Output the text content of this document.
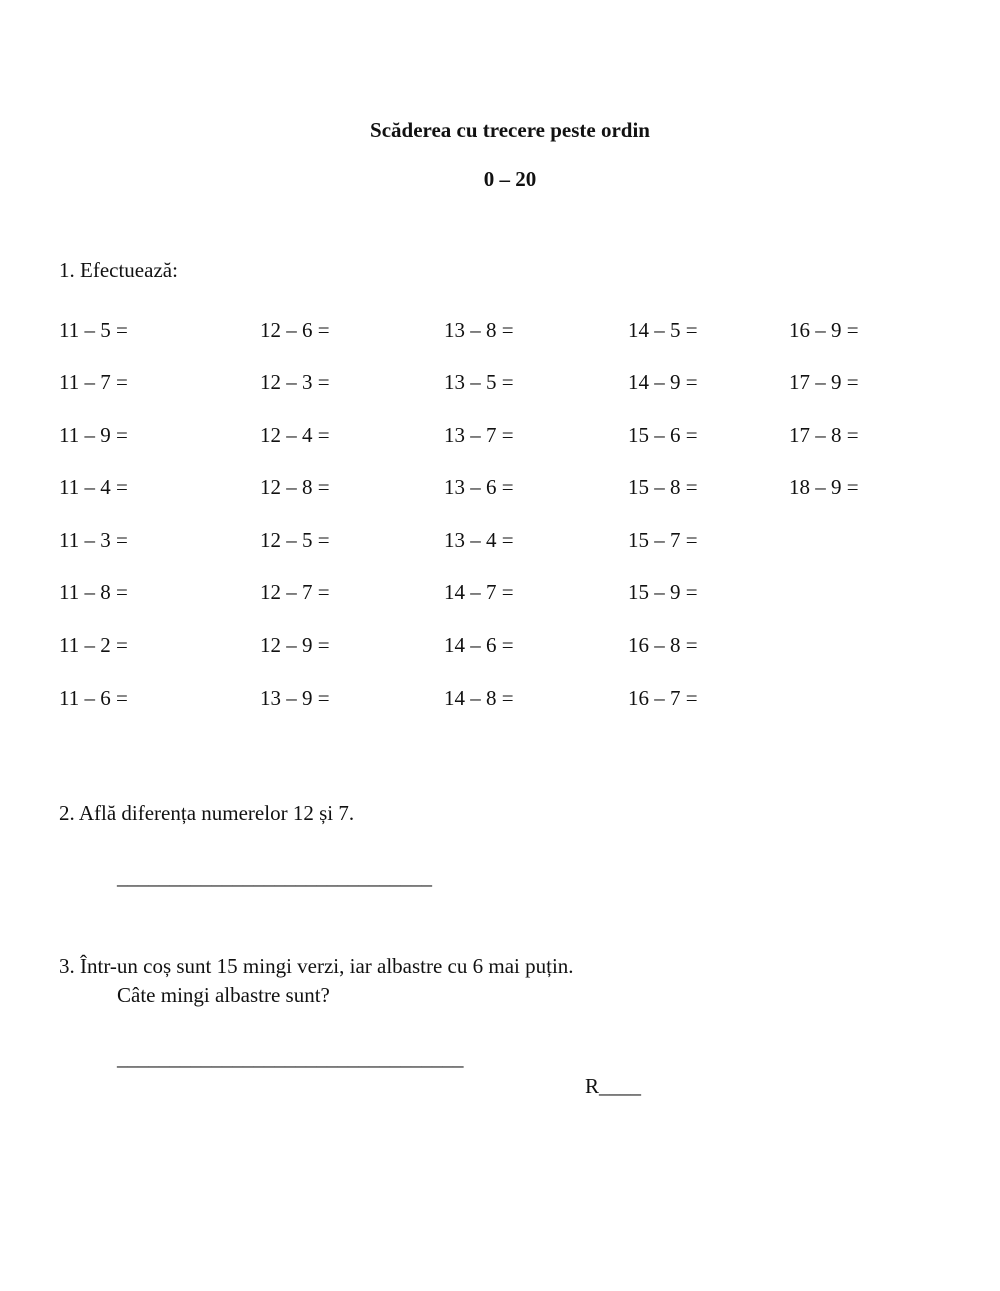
Scăderea cu trecere peste ordin
0 – 20
1. Efectuează:
11 – 5 =
11 – 7 =
11 – 9 =
11 – 4 =
11 – 3 =
11 – 8 =
11 – 2 =
11 – 6 =
12 – 6 =
12 – 3 =
12 – 4 =
12 – 8 =
12 – 5 =
12 – 7 =
12 – 9 =
13 – 9 =
13 – 8 =
13 – 5 =
13 – 7 =
13 – 6 =
13 – 4 =
14 – 7 =
14 – 6 =
14 – 8 =
14 – 5 =
14 – 9 =
15 – 6 =
15 – 8 =
15 – 7 =
15 – 9 =
16 – 8 =
16 – 7 =
16 – 9 =
17 – 9 =
17 – 8 =
18 – 9 =
2. Află diferența numerelor 12 și 7.
______________________________
3. Într-un coș sunt 15 mingi verzi, iar albastre cu 6 mai puțin.
Câte mingi albastre sunt?
_________________________________
R____
